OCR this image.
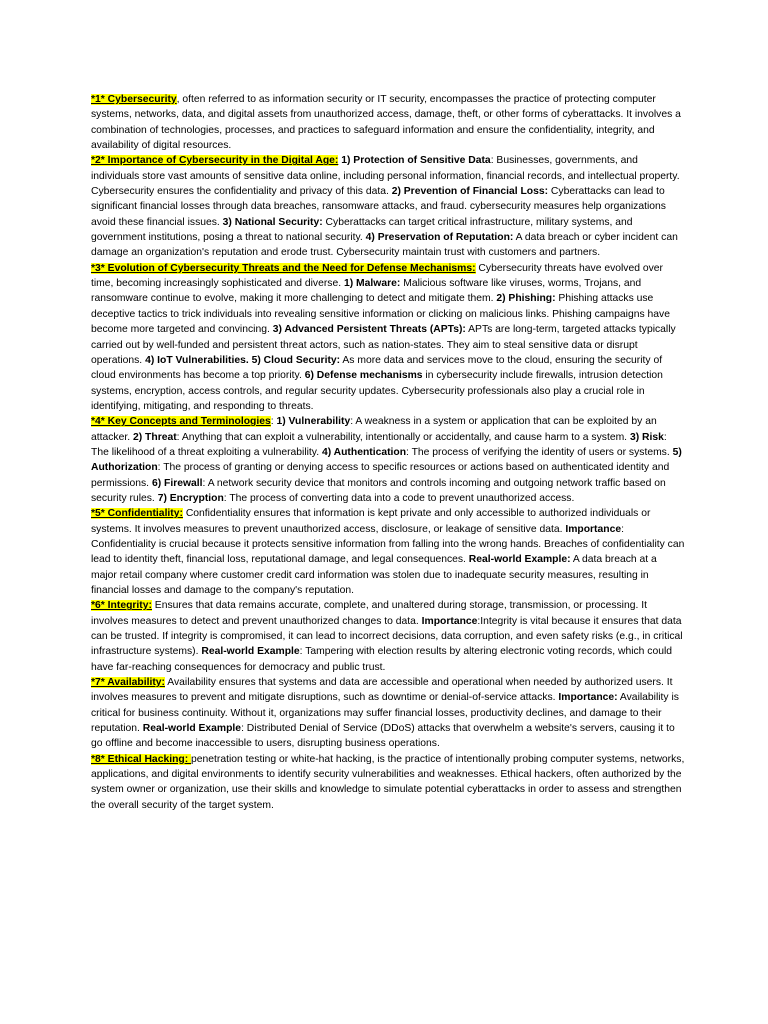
*1* Cybersecurity, often referred to as information security or IT security, encompasses the practice of protecting computer systems, networks, data, and digital assets from unauthorized access, damage, theft, or other forms of cyberattacks. It involves a combination of technologies, processes, and practices to safeguard information and ensure the confidentiality, integrity, and availability of digital resources.

*2* Importance of Cybersecurity in the Digital Age: 1) Protection of Sensitive Data: Businesses, governments, and individuals store vast amounts of sensitive data online, including personal information, financial records, and intellectual property. Cybersecurity ensures the confidentiality and privacy of this data. 2) Prevention of Financial Loss: Cyberattacks can lead to significant financial losses through data breaches, ransomware attacks, and fraud. cybersecurity measures help organizations avoid these financial issues. 3) National Security: Cyberattacks can target critical infrastructure, military systems, and government institutions, posing a threat to national security. 4) Preservation of Reputation: A data breach or cyber incident can damage an organization's reputation and erode trust. Cybersecurity maintain trust with customers and partners.

*3* Evolution of Cybersecurity Threats and the Need for Defense Mechanisms: Cybersecurity threats have evolved over time, becoming increasingly sophisticated and diverse. 1) Malware: Malicious software like viruses, worms, Trojans, and ransomware continue to evolve, making it more challenging to detect and mitigate them. 2) Phishing: Phishing attacks use deceptive tactics to trick individuals into revealing sensitive information or clicking on malicious links. Phishing campaigns have become more targeted and convincing. 3) Advanced Persistent Threats (APTs): APTs are long-term, targeted attacks typically carried out by well-funded and persistent threat actors, such as nation-states. They aim to steal sensitive data or disrupt operations. 4) IoT Vulnerabilities. 5) Cloud Security: As more data and services move to the cloud, ensuring the security of cloud environments has become a top priority. 6) Defense mechanisms in cybersecurity include firewalls, intrusion detection systems, encryption, access controls, and regular security updates. Cybersecurity professionals also play a crucial role in identifying, mitigating, and responding to threats.

*4* Key Concepts and Terminologies: 1) Vulnerability: A weakness in a system or application that can be exploited by an attacker. 2) Threat: Anything that can exploit a vulnerability, intentionally or accidentally, and cause harm to a system. 3) Risk: The likelihood of a threat exploiting a vulnerability. 4) Authentication: The process of verifying the identity of users or systems. 5) Authorization: The process of granting or denying access to specific resources or actions based on authenticated identity and permissions. 6) Firewall: A network security device that monitors and controls incoming and outgoing network traffic based on security rules. 7) Encryption: The process of converting data into a code to prevent unauthorized access.

*5* Confidentiality: Confidentiality ensures that information is kept private and only accessible to authorized individuals or systems. It involves measures to prevent unauthorized access, disclosure, or leakage of sensitive data. Importance: Confidentiality is crucial because it protects sensitive information from falling into the wrong hands. Breaches of confidentiality can lead to identity theft, financial loss, reputational damage, and legal consequences. Real-world Example: A data breach at a major retail company where customer credit card information was stolen due to inadequate security measures, resulting in financial losses and damage to the company's reputation.

*6* Integrity: Ensures that data remains accurate, complete, and unaltered during storage, transmission, or processing. It involves measures to detect and prevent unauthorized changes to data. Importance:Integrity is vital because it ensures that data can be trusted. If integrity is compromised, it can lead to incorrect decisions, data corruption, and even safety risks (e.g., in critical infrastructure systems). Real-world Example: Tampering with election results by altering electronic voting records, which could have far-reaching consequences for democracy and public trust.

*7* Availability: Availability ensures that systems and data are accessible and operational when needed by authorized users. It involves measures to prevent and mitigate disruptions, such as downtime or denial-of-service attacks. Importance: Availability is critical for business continuity. Without it, organizations may suffer financial losses, productivity declines, and damage to their reputation. Real-world Example: Distributed Denial of Service (DDoS) attacks that overwhelm a website's servers, causing it to go offline and become inaccessible to users, disrupting business operations.

*8* Ethical Hacking: penetration testing or white-hat hacking, is the practice of intentionally probing computer systems, networks, applications, and digital environments to identify security vulnerabilities and weaknesses. Ethical hackers, often authorized by the system owner or organization, use their skills and knowledge to simulate potential cyberattacks in order to assess and strengthen the overall security of the target system.
